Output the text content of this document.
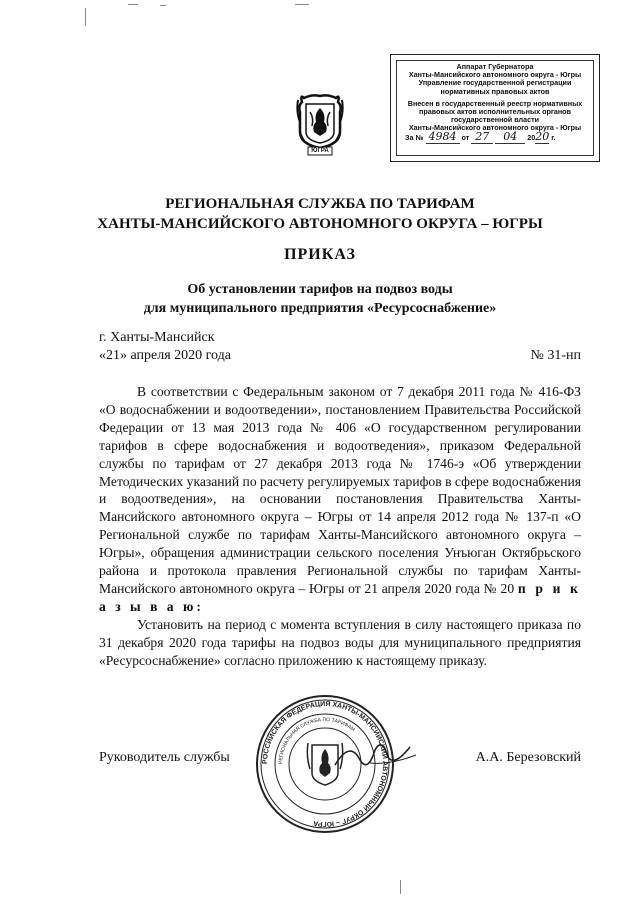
Аппарат Губернатора
Ханты-Мансийского автономного округа - Югры
Управление государственной регистрации
нормативных правовых актов
Внесен в государственный реестр нормативных
правовых актов исполнительных органов
государственной власти
Ханты-Мансийского автономного округа - Югры
За № 4984 от 27 04 2020 г.
ЮГРА
РЕГИОНАЛЬНАЯ СЛУЖБА ПО ТАРИФАМ
ХАНТЫ-МАНСИЙСКОГО АВТОНОМНОГО ОКРУГА – ЮГРЫ
ПРИКАЗ
Об установлении тарифов на подвоз воды
для муниципального предприятия «Ресурсоснабжение»
г. Ханты-Мансийск
«21» апреля 2020 года	№ 31-нп

В соответствии с Федеральным законом от 7 декабря 2011 года № 416-ФЗ «О водоснабжении и водоотведении», постановлением Правительства Российской Федерации от 13 мая 2013 года № 406 «О государственном регулировании тарифов в сфере водоснабжения и водоотведения», приказом Федеральной службы по тарифам от 27 декабря 2013 года № 1746-э «Об утверждении Методических указаний по расчету регулируемых тарифов в сфере водоснабжения и водоотведения», на основании постановления Правительства Ханты-Мансийского автономного округа – Югры от 14 апреля 2012 года № 137-п «О Региональной службе по тарифам Ханты-Мансийского автономного округа – Югры», обращения администрации сельского поселения Унъюган Октябрьского района и протокола правления Региональной службы по тарифам Ханты-Мансийского автономного округа – Югры от 21 апреля 2020 года № 20 п р и к а з ы в а ю:

Установить на период с момента вступления в силу настоящего приказа по 31 декабря 2020 года тарифы на подвоз воды для муниципального предприятия «Ресурсоснабжение» согласно приложению к настоящему приказу.

РОССИЙСКАЯ ФЕДЕРАЦИЯ ХАНТЫ-МАНСИЙСКИЙ АВТОНОМНЫЙ ОКРУГ – ЮГРА
РЕГИОНАЛЬНАЯ СЛУЖБА ПО ТАРИФАМ
Руководитель службы	А.А. Березовский
